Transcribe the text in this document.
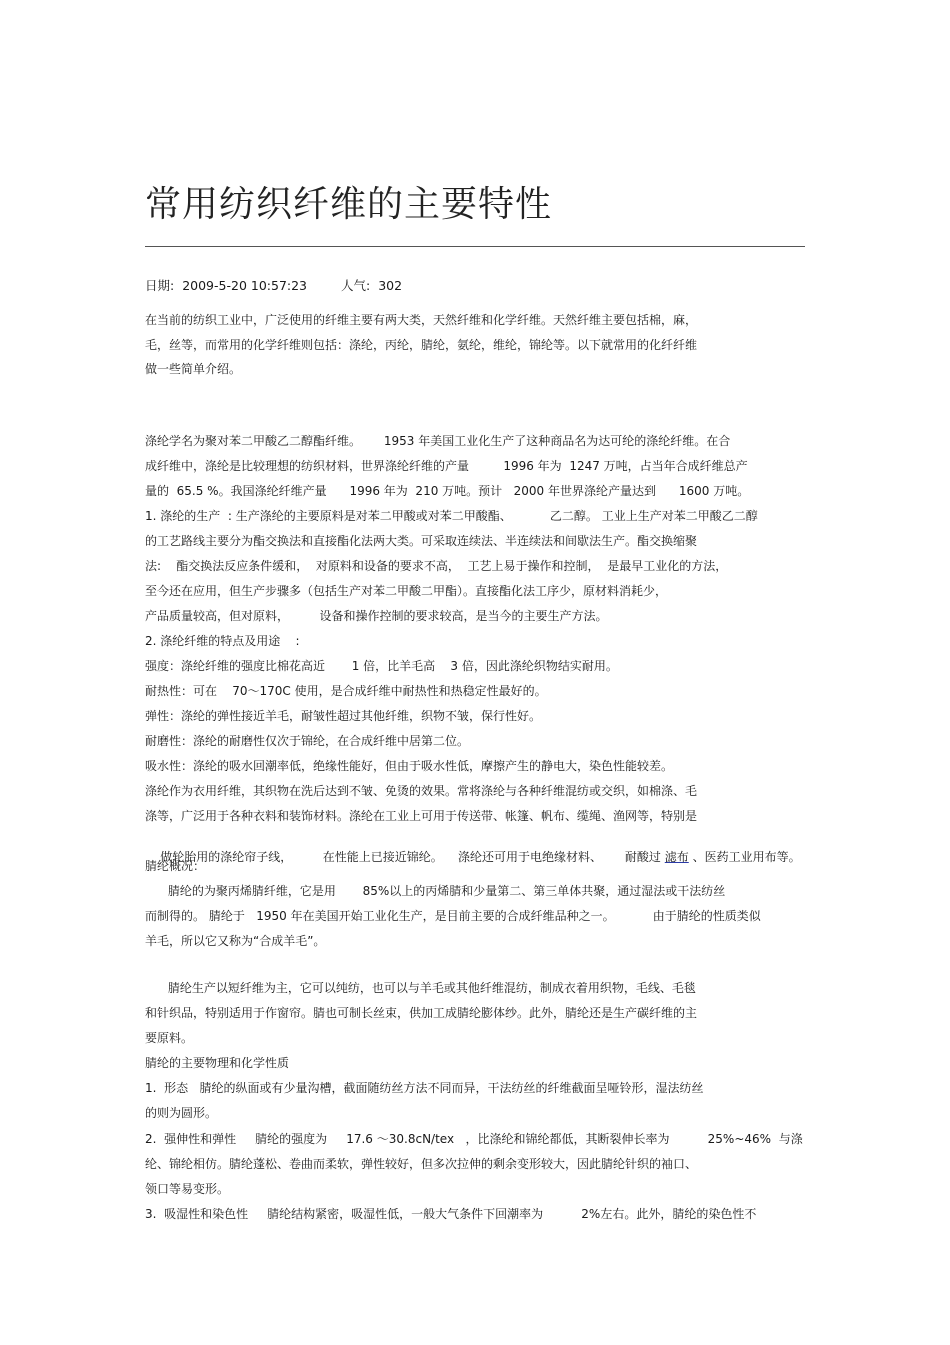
常用纺织纤维的主要特性
日期: 2009-5-20 10:57:23	人气: 302
在当前的纺织工业中，广泛使用的纤维主要有两大类，天然纤维和化学纤维。天然纤维主要包括棉，麻，
毛，丝等，而常用的化学纤维则包括：涤纶，丙纶，腈纶，氨纶，维纶，锦纶等。以下就常用的化纤纤维
做一些简单介绍。
涤纶学名为聚对苯二甲酸乙二醇酯纤维。      1953 年美国工业化生产了这种商品名为达可纶的涤纶纤维。在合
成纤维中，涤纶是比较理想的纺织材料，世界涤纶纤维的产量         1996 年为  1247 万吨，占当年合成纤维总产
量的  65.5 %。我国涤纶纤维产量      1996 年为  210 万吨。预计   2000 年世界涤纶产量达到      1600 万吨。
1. 涤纶的生产  : 生产涤纶的主要原料是对苯二甲酸或对苯二甲酸酯、          乙二醇。 工业上生产对苯二甲酸乙二醇
的工艺路线主要分为酯交换法和直接酯化法两大类。可采取连续法、半连续法和间歇法生产。酯交换缩聚
法:    酯交换法反应条件缓和，  对原料和设备的要求不高，  工艺上易于操作和控制，  是最早工业化的方法，
至今还在应用，但生产步骤多（包括生产对苯二甲酸二甲酯）。直接酯化法工序少，原材料消耗少，
产品质量较高，但对原料，        设备和操作控制的要求较高，是当今的主要生产方法。
2. 涤纶纤维的特点及用途    :
强度：涤纶纤维的强度比棉花高近       1 倍，比羊毛高    3 倍，因此涤纶织物结实耐用。
耐热性：可在    70～170C 使用，是合成纤维中耐热性和热稳定性最好的。
弹性：涤纶的弹性接近羊毛，耐皱性超过其他纤维，织物不皱，保行性好。
耐磨性：涤纶的耐磨性仅次于锦纶，在合成纤维中居第二位。
吸水性：涤纶的吸水回潮率低，绝缘性能好，但由于吸水性低，摩擦产生的静电大，染色性能较差。
涤纶作为衣用纤维，其织物在洗后达到不皱、免烫的效果。常将涤纶与各种纤维混纺或交织，如棉涤、毛
涤等，广泛用于各种衣料和装饰材料。涤纶在工业上可用于传送带、帐篷、帆布、缆绳、渔网等，特别是

做轮胎用的涤纶帘子线，        在性能上已接近锦纶。    涤纶还可用于电绝缘材料、      耐酸过 滤布 、医药工业用布等。

腈纶概况：
腈纶的为聚丙烯腈纤维，它是用       85%以上的丙烯腈和少量第二、第三单体共聚，通过湿法或干法纺丝
而制得的。 腈纶于   1950 年在美国开始工业化生产，是目前主要的合成纤维品种之一。          由于腈纶的性质类似
羊毛，所以它又称为“合成羊毛”。
腈纶生产以短纤维为主，它可以纯纺，也可以与羊毛或其他纤维混纺，制成衣着用织物，毛线、毛毯
和针织品，特别适用于作窗帘。腈也可制长丝束，供加工成腈纶膨体纱。此外，腈纶还是生产碳纤维的主
要原料。
腈纶的主要物理和化学性质
1.  形态   腈纶的纵面或有少量沟槽，截面随纺丝方法不同而异，干法纺丝的纤维截面呈哑铃形，湿法纺丝
的则为圆形。
2.  强伸性和弹性     腈纶的强度为     17.6 ～30.8cN/tex   ，比涤纶和锦纶都低，其断裂伸长率为          25%~46%  与涤
纶、锦纶相仿。腈纶蓬松、卷曲而柔软，弹性较好，但多次拉伸的剩余变形较大，因此腈纶针织的袖口、
领口等易变形。
3.  吸湿性和染色性     腈纶结构紧密，吸湿性低，一般大气条件下回潮率为          2%左右。此外，腈纶的染色性不
